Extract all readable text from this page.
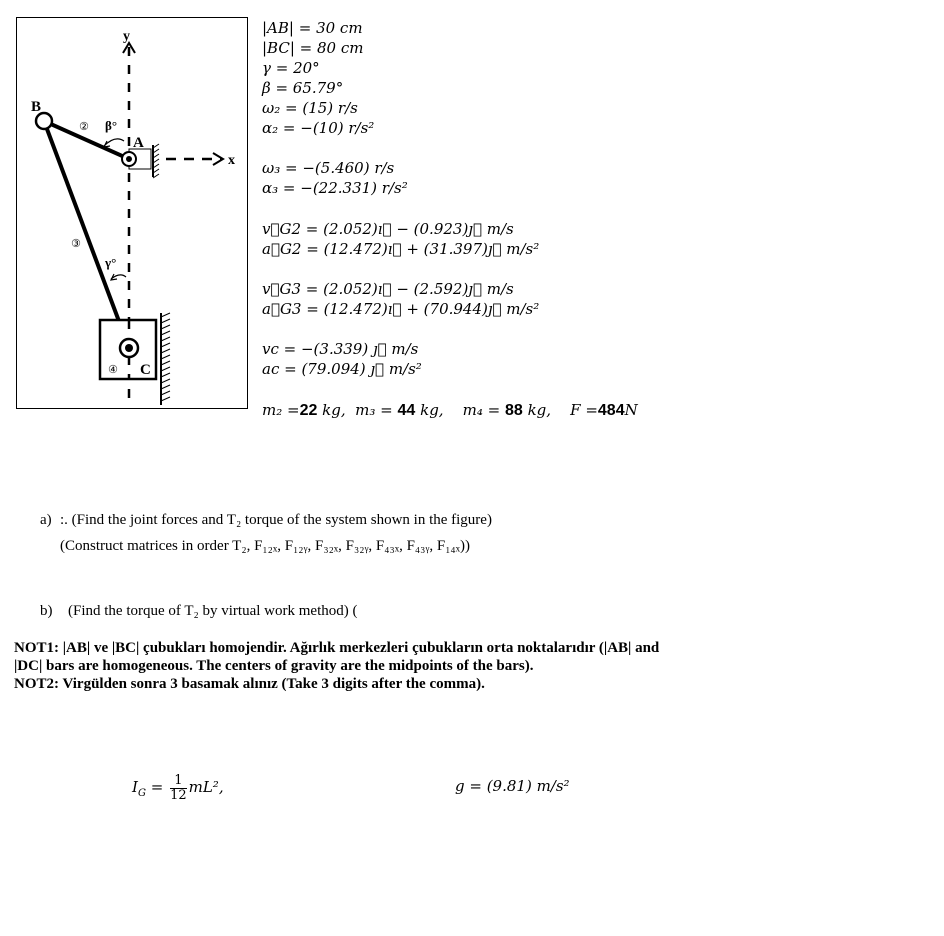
y
x
B
A
C
β°
γ°
②
③
④
|AB| = 30 cm
|BC| = 80 cm
γ = 20°
β = 65.79°
ω₂ = (15) r/s
α₂ = −(10) r/s²
ω₃ = −(5.460) r/s
α₃ = −(22.331) r/s²
v⃗G2 = (2.052)ı⃗ − (0.923)ȷ⃗ m/s
a⃗G2 = (12.472)ı⃗ + (31.397)ȷ⃗ m/s²
v⃗G3 = (2.052)ı⃗ − (2.592)ȷ⃗ m/s
a⃗G3 = (12.472)ı⃗ + (70.944)ȷ⃗ m/s²
vc = −(3.339) ȷ⃗ m/s
ac = (79.094) ȷ⃗ m/s²
m₂ =22 kg, m₃ = 44 kg, m₄ = 88 kg, F =484N
a) :. (Find the joint forces and T₂ torque of the system shown in the figure)
(Construct matrices in order T₂, F₁₂ₓ, F₁₂ᵧ, F₃₂ₓ, F₃₂ᵧ, F₄₃ₓ, F₄₃ᵧ, F₁₄ₓ))
b) (Find the torque of T₂ by virtual work method) (
NOT1: |AB| ve |BC| çubukları homojendir. Ağırlık merkezleri çubukların orta noktalarıdır (|AB| and
|DC| bars are homogeneous. The centers of gravity are the midpoints of the bars).
NOT2: Virgülden sonra 3 basamak alınız (Take 3 digits after the comma).
$I_G = \frac{1}{12} mL^2$,	g = (9.81) m/s²
